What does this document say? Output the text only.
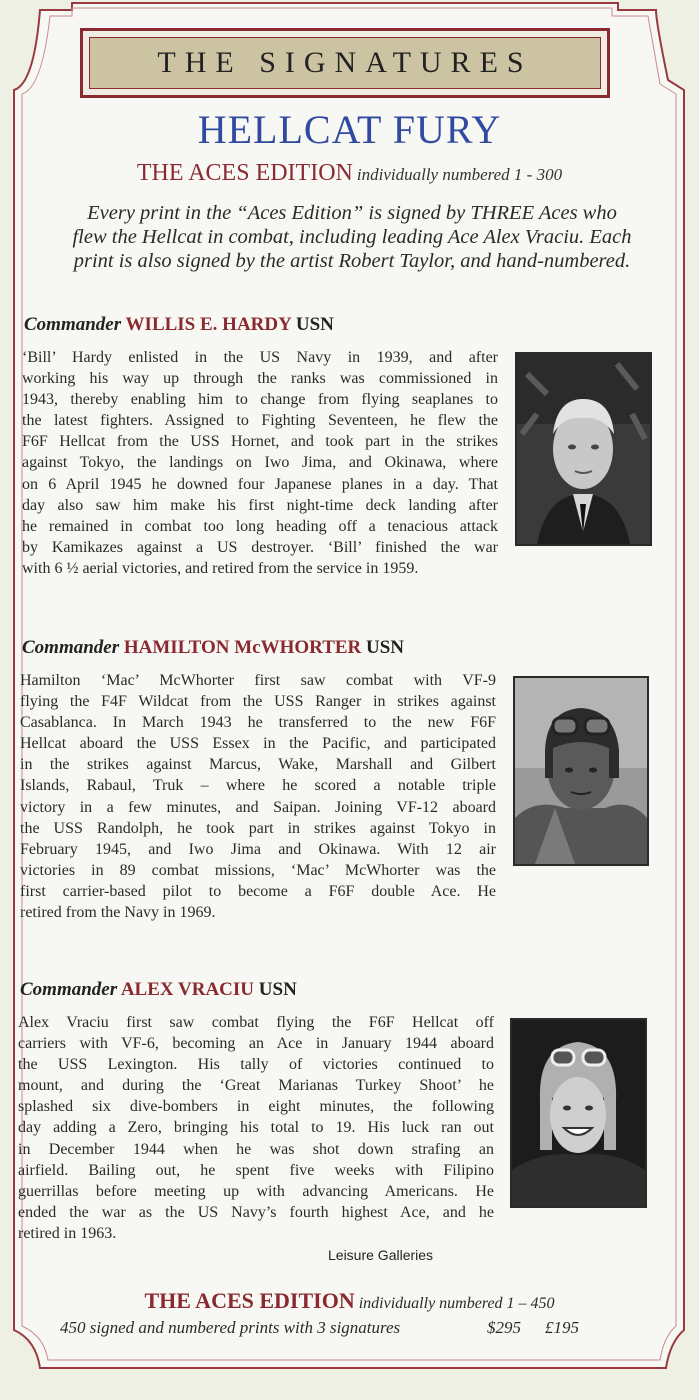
THE SIGNATURES
HELLCAT FURY
THE ACES EDITION individually numbered 1 - 300
Every print in the “Aces Edition” is signed by THREE Aces who
flew the Hellcat in combat, including leading Ace Alex Vraciu. Each
print is also signed by the artist Robert Taylor, and hand-numbered.
Commander WILLIS E. HARDY USN

‘Bill’ Hardy enlisted in the US Navy in 1939, and after

working his way up through the ranks was commissioned in

1943, thereby enabling him to change from flying seaplanes to

the latest fighters. Assigned to Fighting Seventeen, he flew the

F6F Hellcat from the USS Hornet, and took part in the strikes

against Tokyo, the landings on Iwo Jima, and Okinawa, where

on 6 April 1945 he downed four Japanese planes in a day. That

day also saw him make his first night-time deck landing after

he remained in combat too long heading off a tenacious attack

by Kamikazes against a US destroyer. ‘Bill’ finished the war

with 6 ½ aerial victories, and retired from the service in 1959.

Commander HAMILTON McWHORTER USN

Hamilton ‘Mac’ McWhorter first saw combat with VF-9

flying the F4F Wildcat from the USS Ranger in strikes against

Casablanca. In March 1943 he transferred to the new F6F

Hellcat aboard the USS Essex in the Pacific, and participated

in the strikes against Marcus, Wake, Marshall and Gilbert

Islands, Rabaul, Truk – where he scored a notable triple

victory in a few minutes, and Saipan. Joining VF-12 aboard

the USS Randolph, he took part in strikes against Tokyo in

February 1945, and Iwo Jima and Okinawa. With 12 air

victories in 89 combat missions, ‘Mac’ McWhorter was the

first carrier-based pilot to become a F6F double Ace. He

retired from the Navy in 1969.

Commander ALEX VRACIU USN

Alex Vraciu first saw combat flying the F6F Hellcat off

carriers with VF-6, becoming an Ace in January 1944 aboard

the USS Lexington. His tally of victories continued to

mount, and during the ‘Great Marianas Turkey Shoot’ he

splashed six dive-bombers in eight minutes, the following

day adding a Zero, bringing his total to 19. His luck ran out

in December 1944 when he was shot down strafing an

airfield. Bailing out, he spent five weeks with Filipino

guerrillas before meeting up with advancing Americans. He

ended the war as the US Navy’s fourth highest Ace, and he

retired in 1963.

Leisure Galleries
THE ACES EDITION individually numbered 1 – 450
450 signed and numbered prints with 3 signatures	$295 £195
